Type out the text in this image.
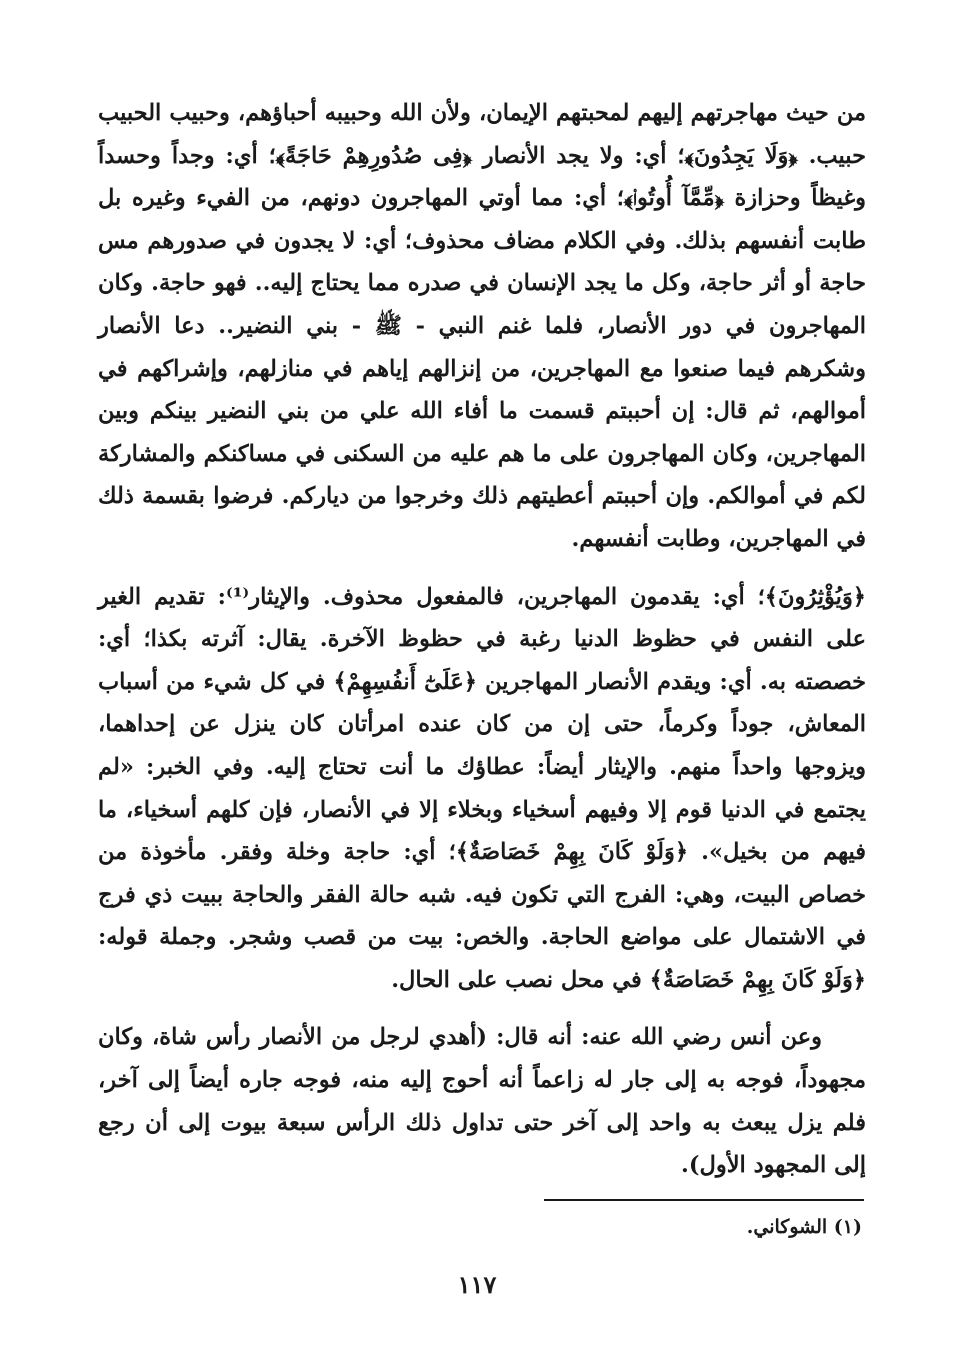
من حيث مهاجرتهم إليهم لمحبتهم الإيمان، ولأن الله وحبيبه أحباؤهم، وحبيب الحبيب حبيب. ﴿وَلَا يَجِدُونَ﴾؛ أي: ولا يجد الأنصار ﴿فِى صُدُورِهِمْ حَاجَةً﴾؛ أي: وجداً وحسداً وغيظاً وحزازة ﴿مِّمَّآ أُوتُوا۟﴾؛ أي: مما أوتي المهاجرون دونهم، من الفيء وغيره بل طابت أنفسهم بذلك. وفي الكلام مضاف محذوف؛ أي: لا يجدون في صدورهم مس حاجة أو أثر حاجة، وكل ما يجد الإنسان في صدره مما يحتاج إليه.. فهو حاجة. وكان المهاجرون في دور الأنصار، فلما غنم النبي - ﷺ - بني النضير.. دعا الأنصار وشكرهم فيما صنعوا مع المهاجرين، من إنزالهم إياهم في منازلهم، وإشراكهم في أموالهم، ثم قال: إن أحببتم قسمت ما أفاء الله علي من بني النضير بينكم وبين المهاجرين، وكان المهاجرون على ما هم عليه من السكنى في مساكنكم والمشاركة لكم في أموالكم. وإن أحببتم أعطيتهم ذلك وخرجوا من دياركم. فرضوا بقسمة ذلك في المهاجرين، وطابت أنفسهم.

﴿وَيُؤْثِرُونَ﴾؛ أي: يقدمون المهاجرين، فالمفعول محذوف. والإيثار⁽¹⁾: تقديم الغير على النفس في حظوظ الدنيا رغبة في حظوظ الآخرة. يقال: آثرته بكذا؛ أي: خصصته به. أي: ويقدم الأنصار المهاجرين ﴿عَلَىٰٓ أَنفُسِهِمْ﴾ في كل شيء من أسباب المعاش، جوداً وكرماً، حتى إن من كان عنده امرأتان كان ينزل عن إحداهما، ويزوجها واحداً منهم. والإيثار أيضاً: عطاؤك ما أنت تحتاج إليه. وفي الخبر: «لم يجتمع في الدنيا قوم إلا وفيهم أسخياء وبخلاء إلا في الأنصار، فإن كلهم أسخياء، ما فيهم من بخيل». ﴿وَلَوْ كَانَ بِهِمْ خَصَاصَةٌ﴾؛ أي: حاجة وخلة وفقر. مأخوذة من خصاص البيت، وهي: الفرج التي تكون فيه. شبه حالة الفقر والحاجة ببيت ذي فرج في الاشتمال على مواضع الحاجة. والخص: بيت من قصب وشجر. وجملة قوله: ﴿وَلَوْ كَانَ بِهِمْ خَصَاصَةٌ﴾ في محل نصب على الحال.

وعن أنس رضي الله عنه: أنه قال: (أهدي لرجل من الأنصار رأس شاة، وكان مجهوداً، فوجه به إلى جار له زاعماً أنه أحوج إليه منه، فوجه جاره أيضاً إلى آخر، فلم يزل يبعث به واحد إلى آخر حتى تداول ذلك الرأس سبعة بيوت إلى أن رجع إلى المجهود الأول).

(١) الشوكاني.
١١٧
